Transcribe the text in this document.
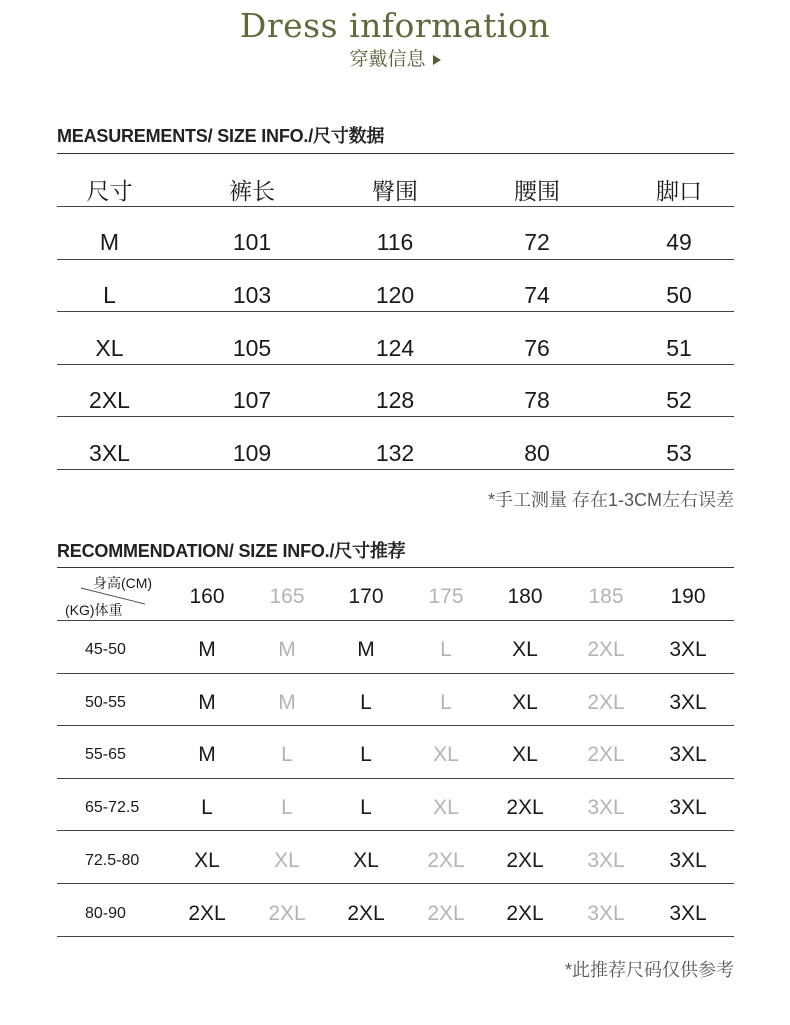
Dress information
穿戴信息
MEASUREMENTS/ SIZE INFO./尺寸数据
尺寸	裤长	臀围	腰围	脚口
M	101	116	72	49
L	103	120	74	50
XL	105	124	76	51
2XL	107	128	78	52
3XL	109	132	80	53
*手工测量 存在1-3CM左右误差
RECOMMENDATION/ SIZE INFO./尺寸推荐
身高(CM)
(KG)体重
160	165	170	175	180	185	190
45-50	M	M	M	L	XL	2XL	3XL
50-55	M	M	L	L	XL	2XL	3XL
55-65	M	L	L	XL	XL	2XL	3XL
65-72.5	L	L	L	XL	2XL	3XL	3XL
72.5-80	XL	XL	XL	2XL	2XL	3XL	3XL
80-90	2XL	2XL	2XL	2XL	2XL	3XL	3XL
*此推荐尺码仅供参考
